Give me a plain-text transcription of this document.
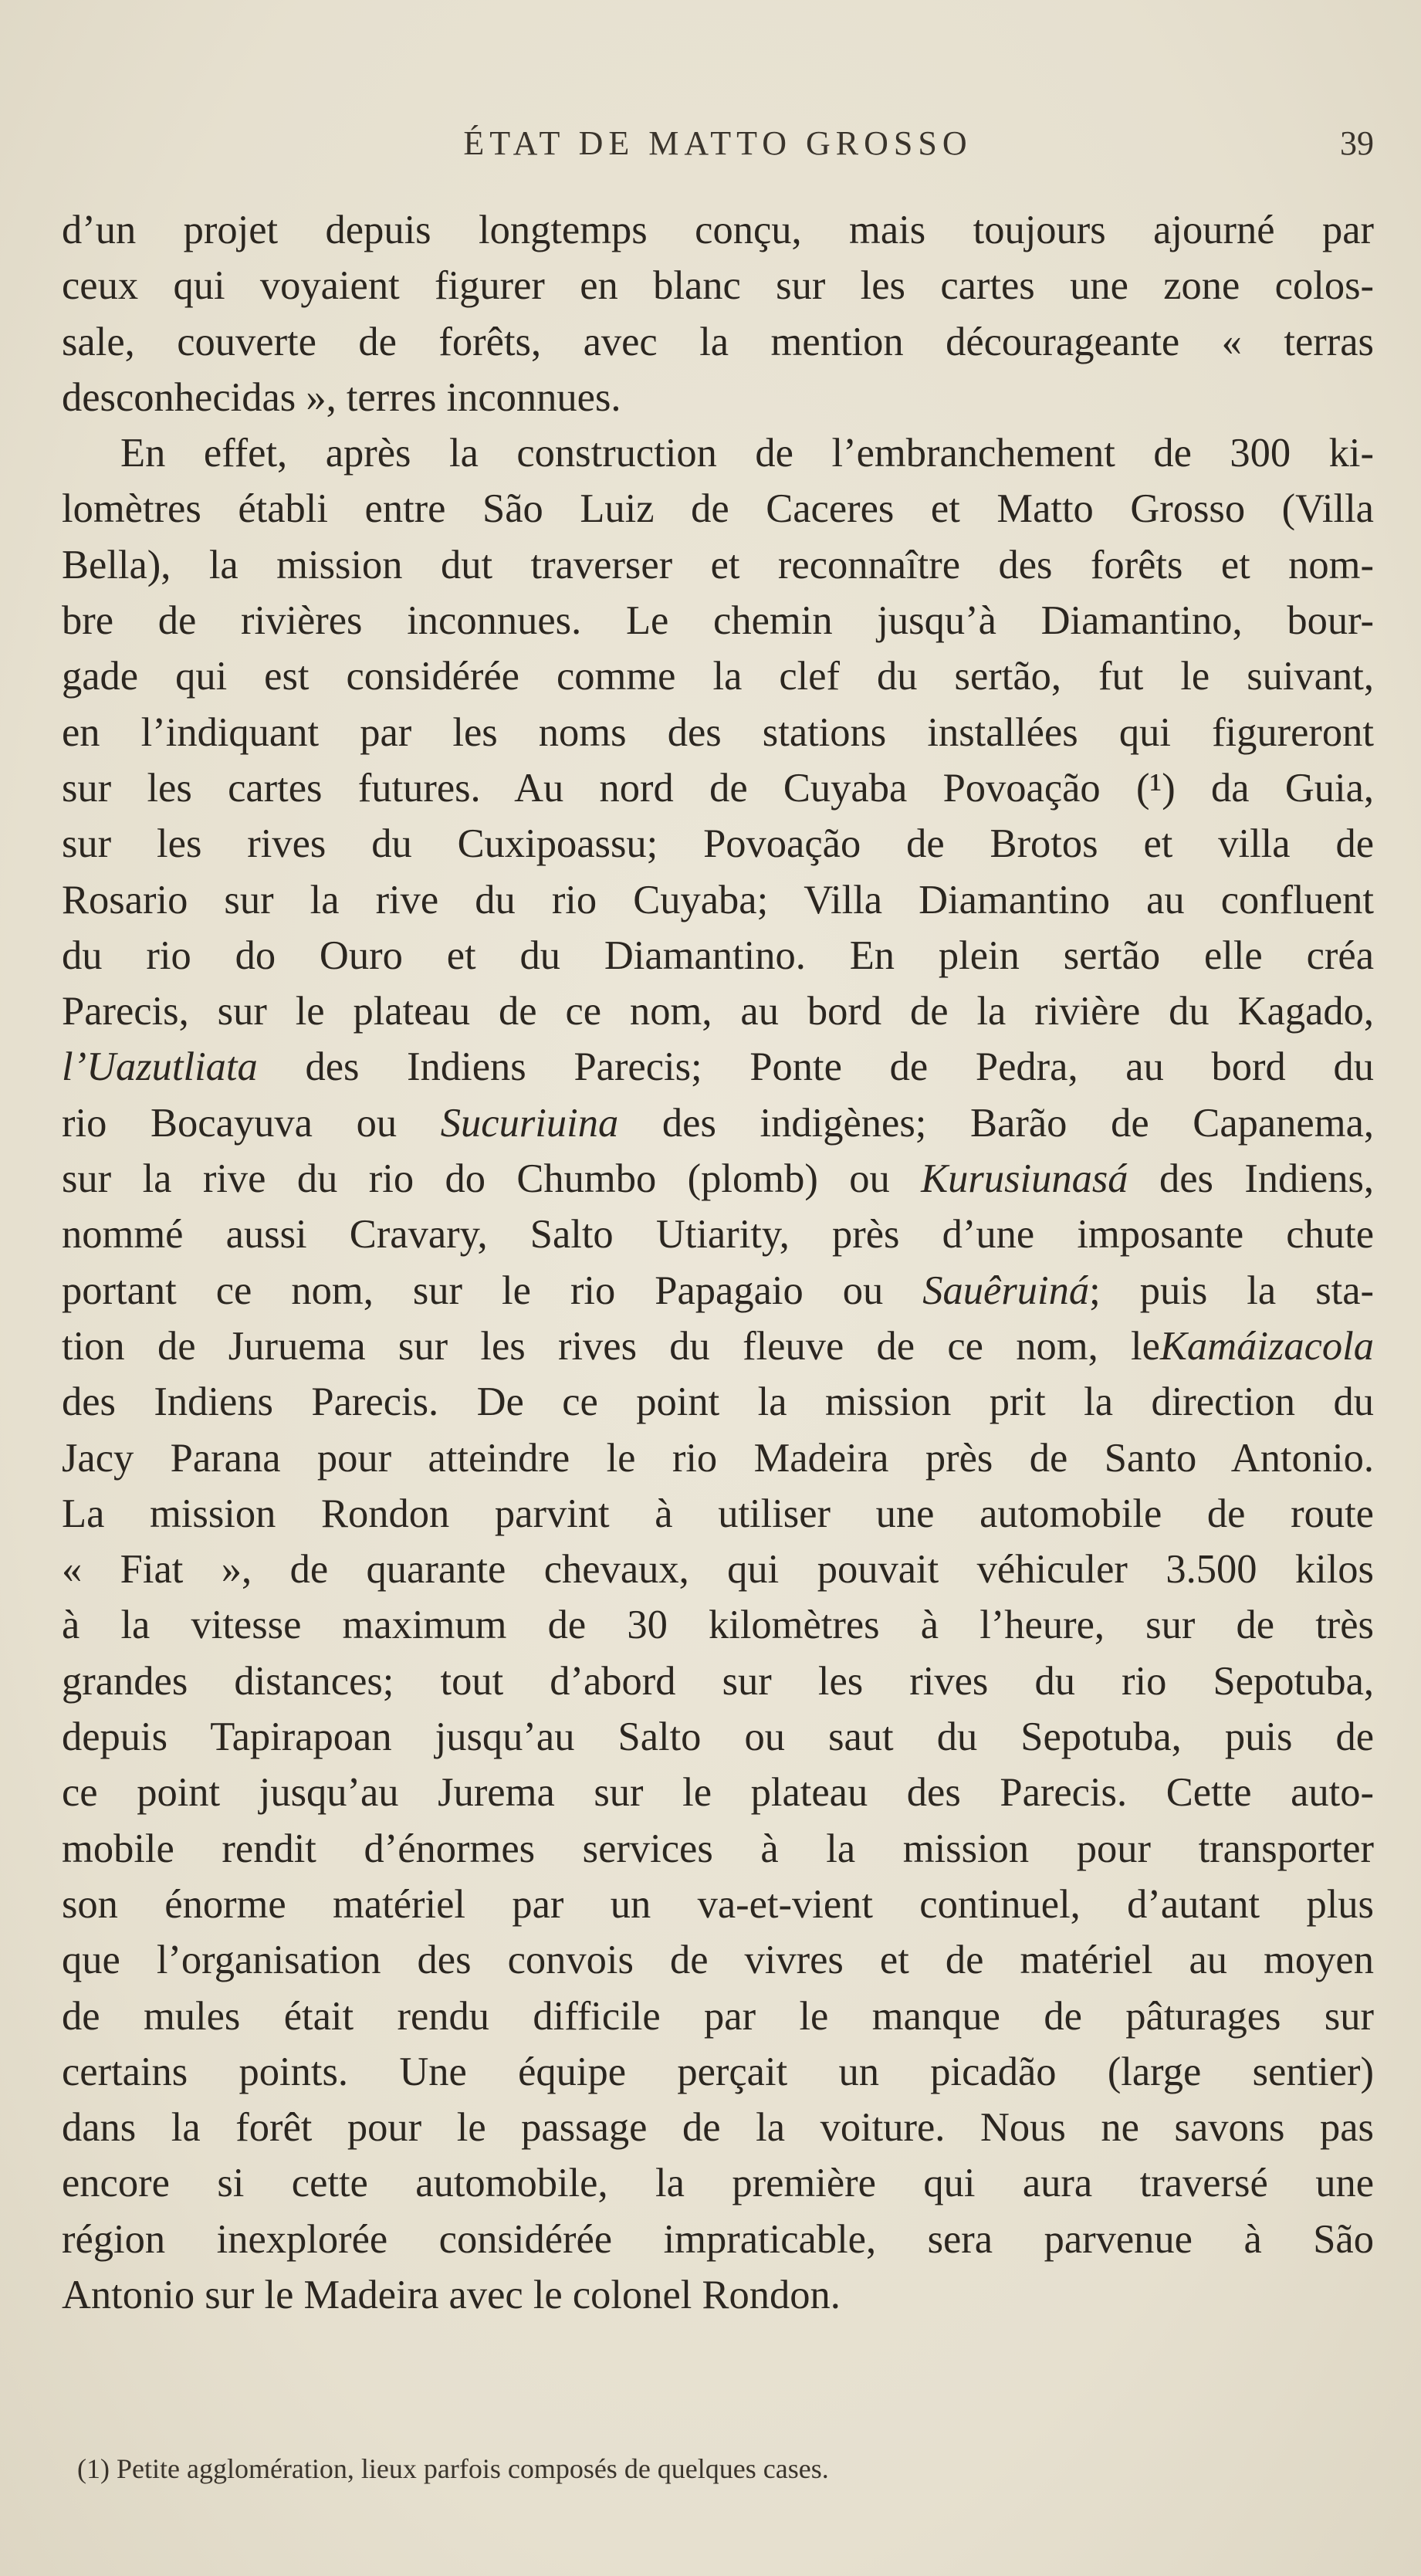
ÉTAT DE MATTO GROSSO	39
d’un projet depuis longtemps conçu, mais toujours ajourné par
ceux qui voyaient figurer en blanc sur les cartes une zone colos-
sale, couverte de forêts, avec la mention décourageante « terras
desconhecidas », terres inconnues.
En effet, après la construction de l’embranchement de 300 ki-
lomètres établi entre São Luiz de Caceres et Matto Grosso (Villa
Bella), la mission dut traverser et reconnaître des forêts et nom-
bre de rivières inconnues. Le chemin jusqu’à Diamantino, bour-
gade qui est considérée comme la clef du sertão, fut le suivant,
en l’indiquant par les noms des stations installées qui figureront
sur les cartes futures. Au nord de Cuyaba Povoação (¹) da Guia,
sur les rives du Cuxipoassu; Povoação de Brotos et villa de
Rosario sur la rive du rio Cuyaba; Villa Diamantino au confluent
du rio do Ouro et du Diamantino. En plein sertão elle créa
Parecis, sur le plateau de ce nom, au bord de la rivière du Kagado,
l’Uazutliata des Indiens Parecis; Ponte de Pedra, au bord du
rio Bocayuva ou Sucuriuina des indigènes; Barão de Capanema,
sur la rive du rio do Chumbo (plomb) ou Kurusiunasá des Indiens,
nommé aussi Cravary, Salto Utiarity, près d’une imposante chute
portant ce nom, sur le rio Papagaio ou Sauêruiná; puis la sta-
tion de Juruema sur les rives du fleuve de ce nom, leKamáizacola
des Indiens Parecis. De ce point la mission prit la direction du
Jacy Parana pour atteindre le rio Madeira près de Santo Antonio.
La mission Rondon parvint à utiliser une automobile de route
« Fiat », de quarante chevaux, qui pouvait véhiculer 3.500 kilos
à la vitesse maximum de 30 kilomètres à l’heure, sur de très
grandes distances; tout d’abord sur les rives du rio Sepotuba,
depuis Tapirapoan jusqu’au Salto ou saut du Sepotuba, puis de
ce point jusqu’au Jurema sur le plateau des Parecis. Cette auto-
mobile rendit d’énormes services à la mission pour transporter
son énorme matériel par un va-et-vient continuel, d’autant plus
que l’organisation des convois de vivres et de matériel au moyen
de mules était rendu difficile par le manque de pâturages sur
certains points. Une équipe perçait un picadão (large sentier)
dans la forêt pour le passage de la voiture. Nous ne savons pas
encore si cette automobile, la première qui aura traversé une
région inexplorée considérée impraticable, sera parvenue à São
Antonio sur le Madeira avec le colonel Rondon.
(1) Petite agglomération, lieux parfois composés de quelques cases.
